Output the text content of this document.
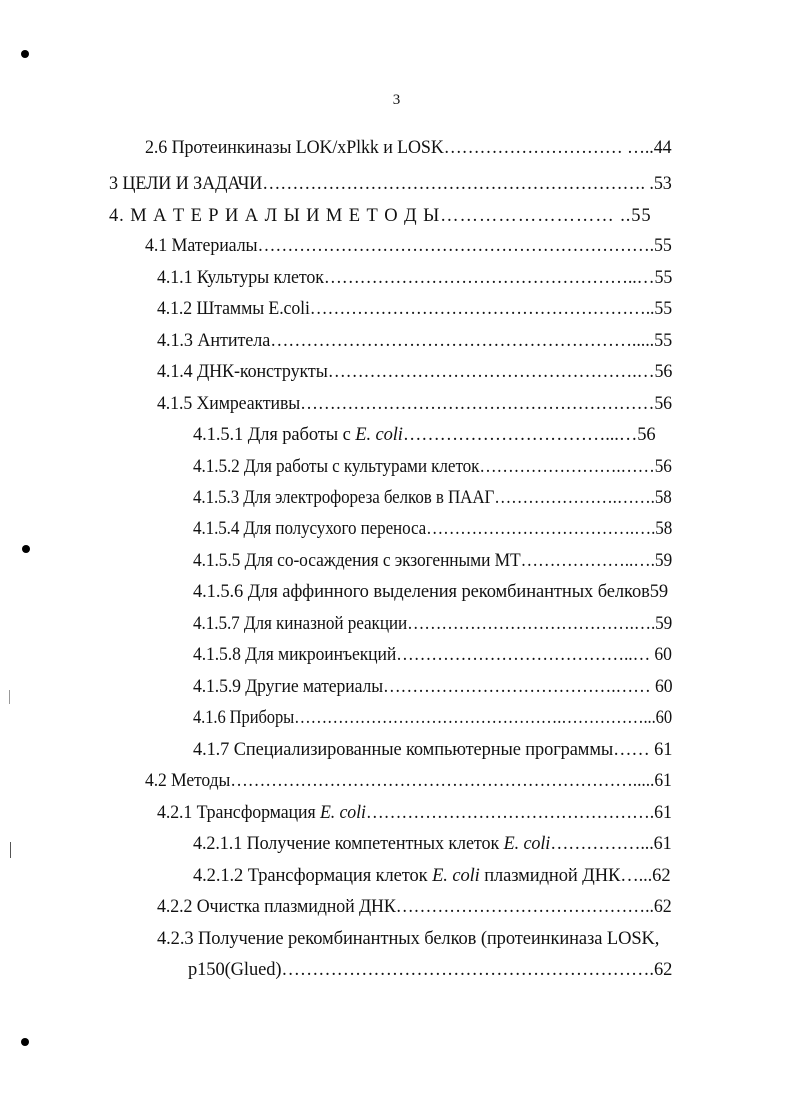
3
2.6 Протеинкиназы LOK/xPlkk и LOSK………………………… …..44
3 ЦЕЛИ И ЗАДАЧИ………………………………………………………. .53
4. М А Т Е Р И А Л Ы И М Е Т О Д Ы……………………… ..55
4.1 Материалы………………………………………………………….55
4.1.1 Культуры клеток……………………………………………..…55
4.1.2 Штаммы E.coli…………………………………………………..55
4.1.3 Антитела…………………………………………………….....55
4.1.4 ДНК-конструкты…………………………………………….…56
4.1.5 Химреактивы……………………………………………………56
4.1.5.1 Для работы с E. coli……………………………...…56
4.1.5.2 Для работы с культурами клеток…………………….……56
4.1.5.3 Для электрофореза белков в ПААГ………………….…….58
4.1.5.4 Для полусухого переноса……………………………….….58
4.1.5.5 Для со-осаждения с экзогенными МТ………………..….59
4.1.5.6 Для аффинного выделения рекомбинантных белков59
4.1.5.7 Для киназной реакции………………………………….….59
4.1.5.8 Для микроинъекций…………………………………..… 60
4.1.5.9 Другие материалы………………………………….…… 60
4.1.6 Приборы………………………………………….……………...60
4.1.7 Специализированные компьютерные программы…… 61
4.2 Методы…………………………………………………………….....61
4.2.1 Трансформация E. coli………………………………………….61
4.2.1.1 Получение компетентных клеток E. coli……………...61
4.2.1.2 Трансформация клеток E. coli плазмидной ДНК…...62
4.2.2 Очистка плазмидной ДНК……………………………………..62
4.2.3 Получение рекомбинантных белков (протеинкиназа LOSK,
p150(Glued)…………………………………………………….62
